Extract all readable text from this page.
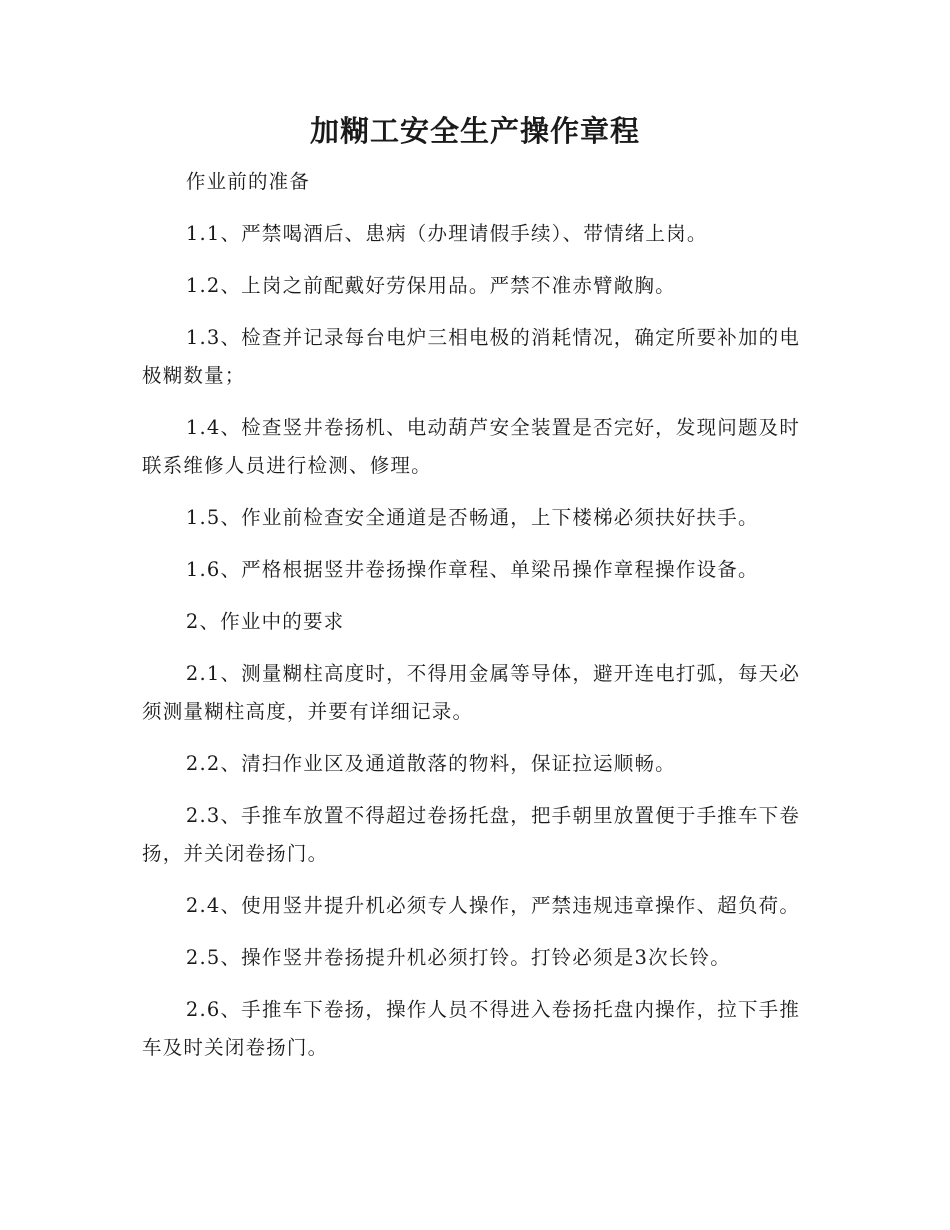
加糊工安全生产操作章程

作业前的准备

1.1、严禁喝酒后、患病（办理请假手续）、带情绪上岗。

1.2、上岗之前配戴好劳保用品。严禁不准赤臂敞胸。

1.3、检查并记录每台电炉三相电极的消耗情况，确定所要补加的电极糊数量；

1.4、检查竖井卷扬机、电动葫芦安全装置是否完好，发现问题及时联系维修人员进行检测、修理。

1.5、作业前检查安全通道是否畅通，上下楼梯必须扶好扶手。

1.6、严格根据竖井卷扬操作章程、单梁吊操作章程操作设备。

2、作业中的要求

2.1、测量糊柱高度时，不得用金属等导体，避开连电打弧，每天必须测量糊柱高度，并要有详细记录。

2.2、清扫作业区及通道散落的物料，保证拉运顺畅。

2.3、手推车放置不得超过卷扬托盘，把手朝里放置便于手推车下卷扬，并关闭卷扬门。

2.4、使用竖井提升机必须专人操作，严禁违规违章操作、超负荷。

2.5、操作竖井卷扬提升机必须打铃。打铃必须是3次长铃。

2.6、手推车下卷扬，操作人员不得进入卷扬托盘内操作，拉下手推车及时关闭卷扬门。
